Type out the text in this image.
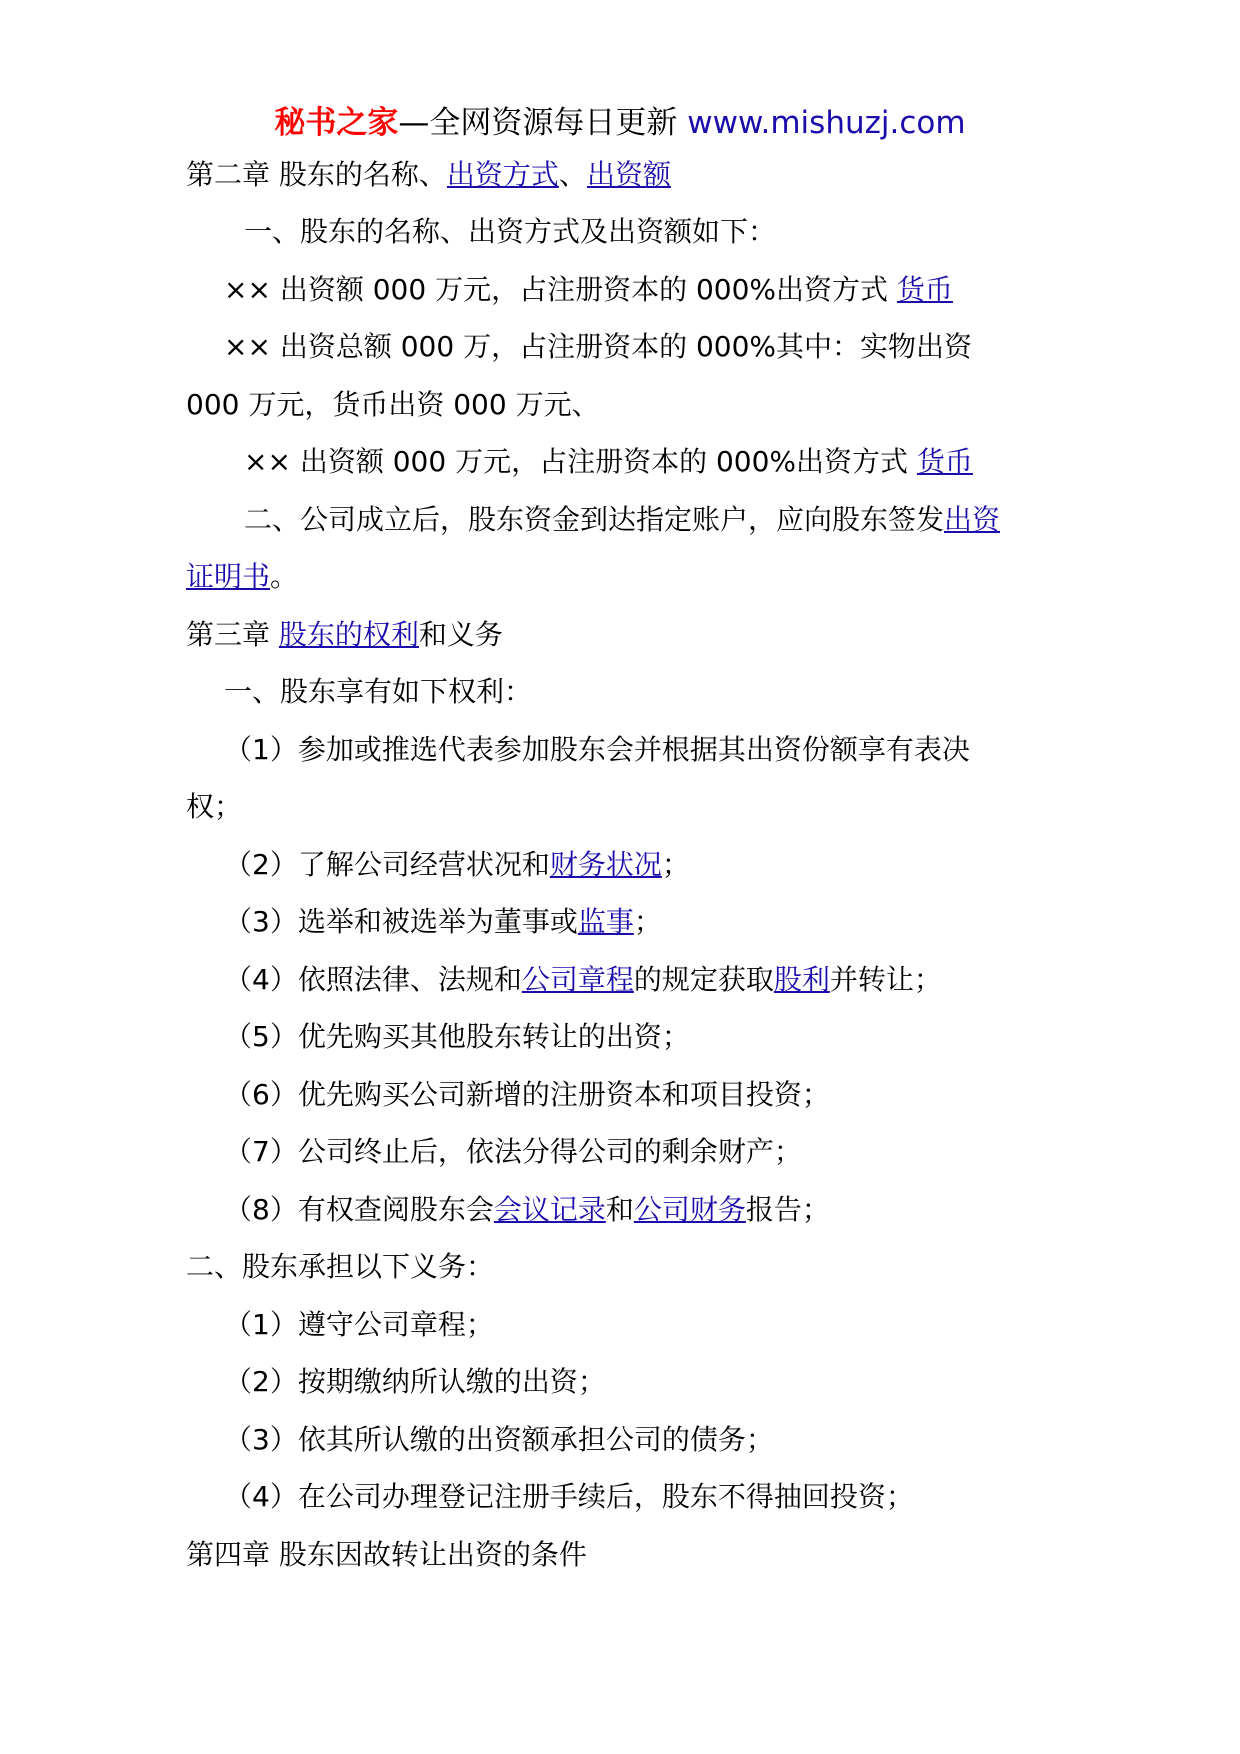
秘书之家—全网资源每日更新 www.mishuzj.com
第二章 股东的名称、出资方式、出资额
一、股东的名称、出资方式及出资额如下：
×× 出资额 000 万元，占注册资本的 000%出资方式 货币
×× 出资总额 000 万，占注册资本的 000%其中：实物出资
000 万元，货币出资 000 万元、
×× 出资额 000 万元，占注册资本的 000%出资方式 货币
二、公司成立后，股东资金到达指定账户，应向股东签发出资
证明书。
第三章 股东的权利和义务
一、股东享有如下权利：
（1）参加或推选代表参加股东会并根据其出资份额享有表决
权；
（2）了解公司经营状况和财务状况；
（3）选举和被选举为董事或监事；
（4）依照法律、法规和公司章程的规定获取股利并转让；
（5）优先购买其他股东转让的出资；
（6）优先购买公司新增的注册资本和项目投资；
（7）公司终止后，依法分得公司的剩余财产；
（8）有权查阅股东会会议记录和公司财务报告；
二、股东承担以下义务：
（1）遵守公司章程；
（2）按期缴纳所认缴的出资；
（3）依其所认缴的出资额承担公司的债务；
（4）在公司办理登记注册手续后，股东不得抽回投资；
第四章 股东因故转让出资的条件
